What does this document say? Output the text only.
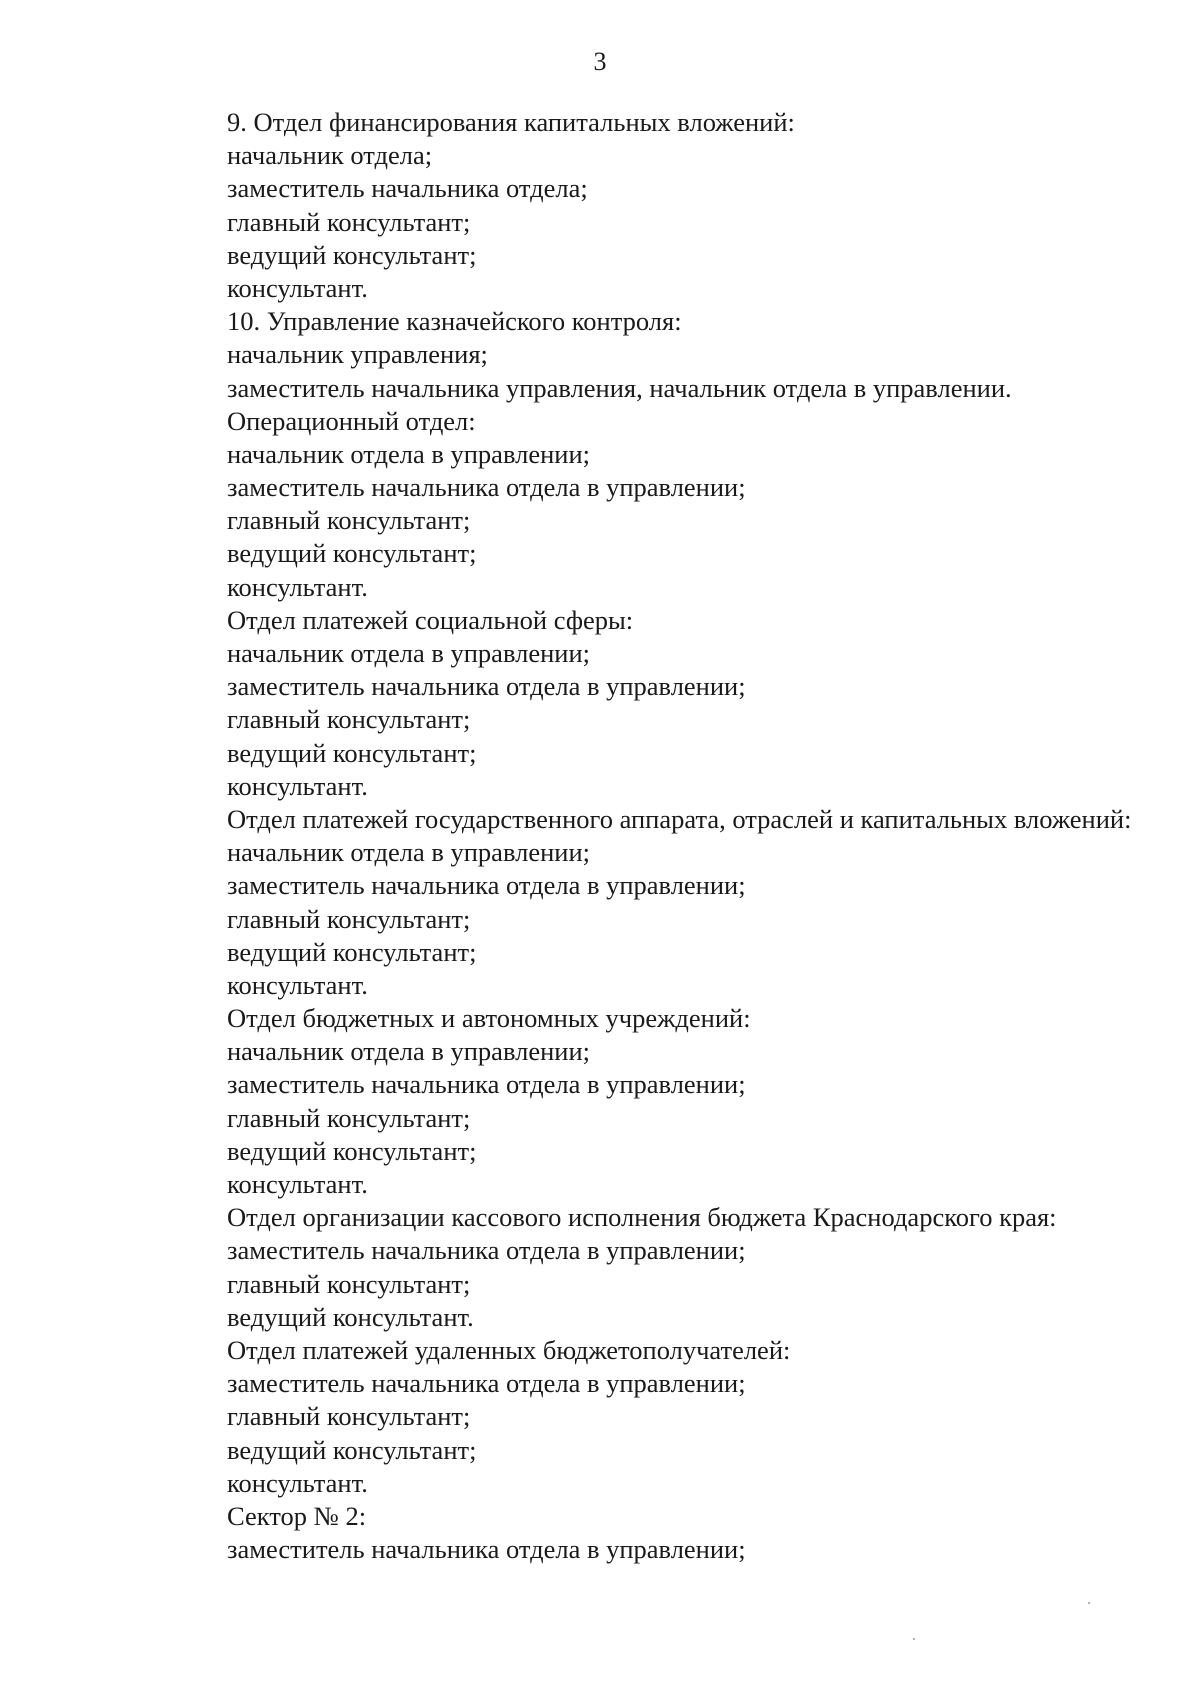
3
9. Отдел финансирования капитальных вложений:
начальник отдела;
заместитель начальника отдела;
главный консультант;
ведущий консультант;
консультант.
10. Управление казначейского контроля:
начальник управления;
заместитель начальника управления, начальник отдела в управлении.
Операционный отдел:
начальник отдела в управлении;
заместитель начальника отдела в управлении;
главный консультант;
ведущий консультант;
консультант.
Отдел платежей социальной сферы:
начальник отдела в управлении;
заместитель начальника отдела в управлении;
главный консультант;
ведущий консультант;
консультант.
Отдел платежей государственного аппарата, отраслей и капитальных вложений:
начальник отдела в управлении;
заместитель начальника отдела в управлении;
главный консультант;
ведущий консультант;
консультант.
Отдел бюджетных и автономных учреждений:
начальник отдела в управлении;
заместитель начальника отдела в управлении;
главный консультант;
ведущий консультант;
консультант.
Отдел организации кассового исполнения бюджета Краснодарского края:
заместитель начальника отдела в управлении;
главный консультант;
ведущий консультант.
Отдел платежей удаленных бюджетополучателей:
заместитель начальника отдела в управлении;
главный консультант;
ведущий консультант;
консультант.
Сектор № 2:
заместитель начальника отдела в управлении;
